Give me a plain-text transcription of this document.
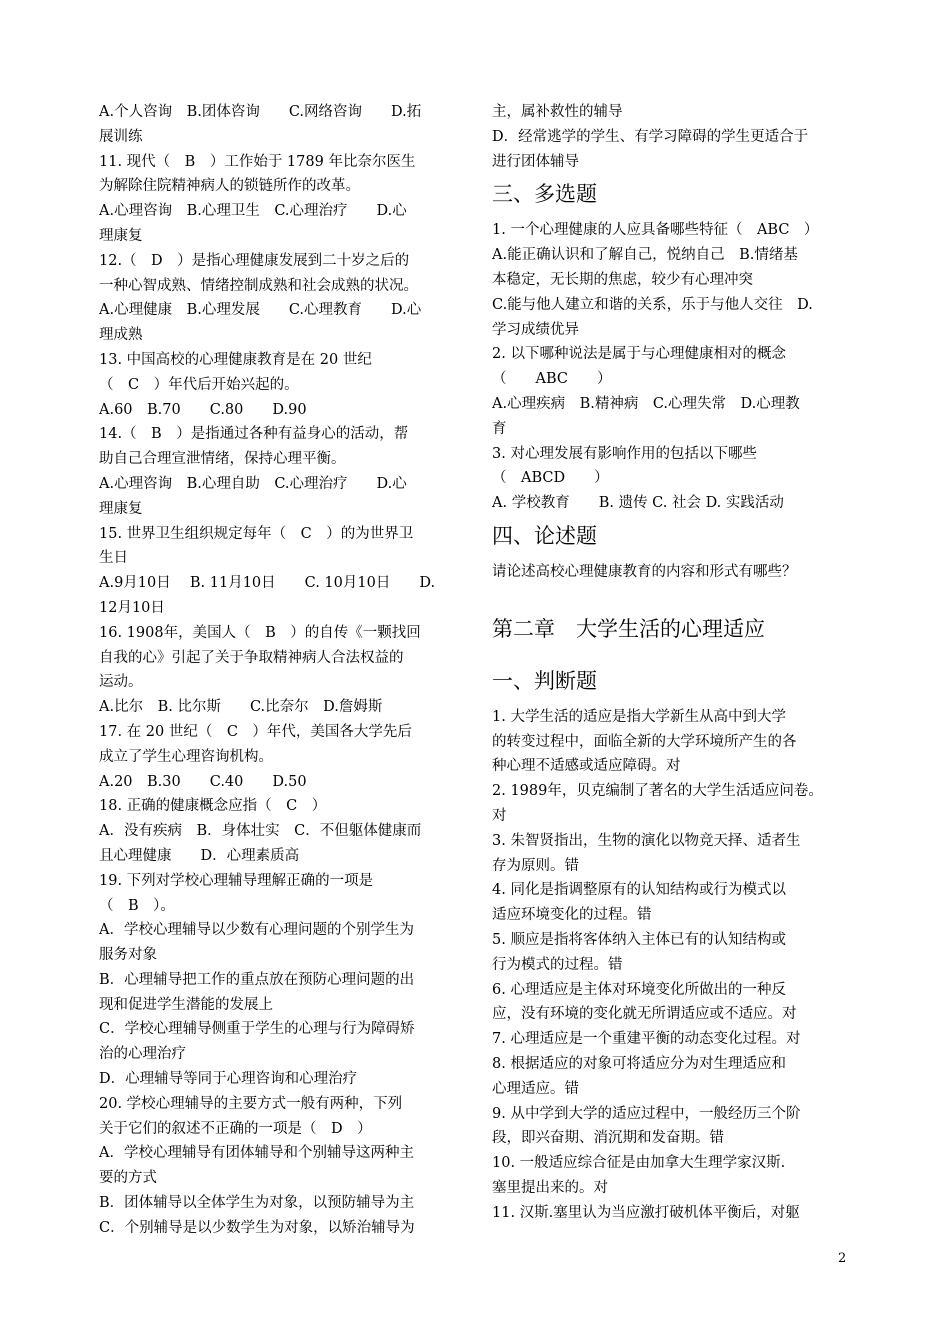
A.个人咨询　B.团体咨询　　C.网络咨询　　D.拓
展训练
11. 现代（　B　）工作始于 1789 年比奈尔医生
为解除住院精神病人的锁链所作的改革。
A.心理咨询　B.心理卫生　C.心理治疗　　D.心
理康复
12.（　D　）是指心理健康发展到二十岁之后的
一种心智成熟、情绪控制成熟和社会成熟的状况。
A.心理健康　B.心理发展　　C.心理教育　　D.心
理成熟
13. 中国高校的心理健康教育是在 20 世纪
（　C　）年代后开始兴起的。
A.60　B.70　　C.80　　D.90
14.（　B　）是指通过各种有益身心的活动，帮
助自己合理宣泄情绪，保持心理平衡。
A.心理咨询　B.心理自助　C.心理治疗　　D.心
理康复
15. 世界卫生组织规定每年（　C　）的为世界卫
生日
A.9月10日　 B. 11月10日　　C. 10月10日　　D.
12月10日
16. 1908年，美国人（　B　）的自传《一颗找回
自我的心》引起了关于争取精神病人合法权益的
运动。
A.比尔　B. 比尔斯　　C.比奈尔　D.詹姆斯
17. 在 20 世纪（　C　）年代，美国各大学先后
成立了学生心理咨询机构。
A.20　B.30　　C.40　　D.50
18. 正确的健康概念应指（　C　）
A．没有疾病　B．身体壮实　C．不但躯体健康而
且心理健康　　D．心理素质高
19. 下列对学校心理辅导理解正确的一项是
（　B　）。
A．学校心理辅导以少数有心理问题的个别学生为
服务对象
B．心理辅导把工作的重点放在预防心理问题的出
现和促进学生潜能的发展上
C．学校心理辅导侧重于学生的心理与行为障碍矫
治的心理治疗
D．心理辅导等同于心理咨询和心理治疗
20. 学校心理辅导的主要方式一般有两种，下列
关于它们的叙述不正确的一项是（　D　）
A．学校心理辅导有团体辅导和个别辅导这两种主
要的方式
B．团体辅导以全体学生为对象，以预防辅导为主
C．个别辅导是以少数学生为对象，以矫治辅导为
主，属补救性的辅导
D．经常逃学的学生、有学习障碍的学生更适合于
进行团体辅导
三、多选题
1. 一个心理健康的人应具备哪些特征（　ABC　）
A.能正确认识和了解自己，悦纳自己　B.情绪基
本稳定，无长期的焦虑，较少有心理冲突
C.能与他人建立和谐的关系，乐于与他人交往　D.
学习成绩优异
2. 以下哪种说法是属于与心理健康相对的概念
（　　ABC　　）
A.心理疾病　B.精神病　C.心理失常　D.心理教
育
3. 对心理发展有影响作用的包括以下哪些
（　ABCD　　）
A. 学校教育　　B. 遗传 C. 社会 D. 实践活动
四、论述题
请论述高校心理健康教育的内容和形式有哪些？
第二章　大学生活的心理适应
一、判断题
1. 大学生活的适应是指大学新生从高中到大学
的转变过程中，面临全新的大学环境所产生的各
种心理不适感或适应障碍。对
2. 1989年，贝克编制了著名的大学生活适应问卷。
对
3. 朱智贤指出，生物的演化以物竞天择、适者生
存为原则。错
4. 同化是指调整原有的认知结构或行为模式以
适应环境变化的过程。错
5. 顺应是指将客体纳入主体已有的认知结构或
行为模式的过程。错
6. 心理适应是主体对环境变化所做出的一种反
应，没有环境的变化就无所谓适应或不适应。对
7. 心理适应是一个重建平衡的动态变化过程。对
8. 根据适应的对象可将适应分为对生理适应和
心理适应。错
9. 从中学到大学的适应过程中，一般经历三个阶
段，即兴奋期、消沉期和发奋期。错
10. 一般适应综合征是由加拿大生理学家汉斯.
塞里提出来的。对
11. 汉斯.塞里认为当应激打破机体平衡后，对躯
2
